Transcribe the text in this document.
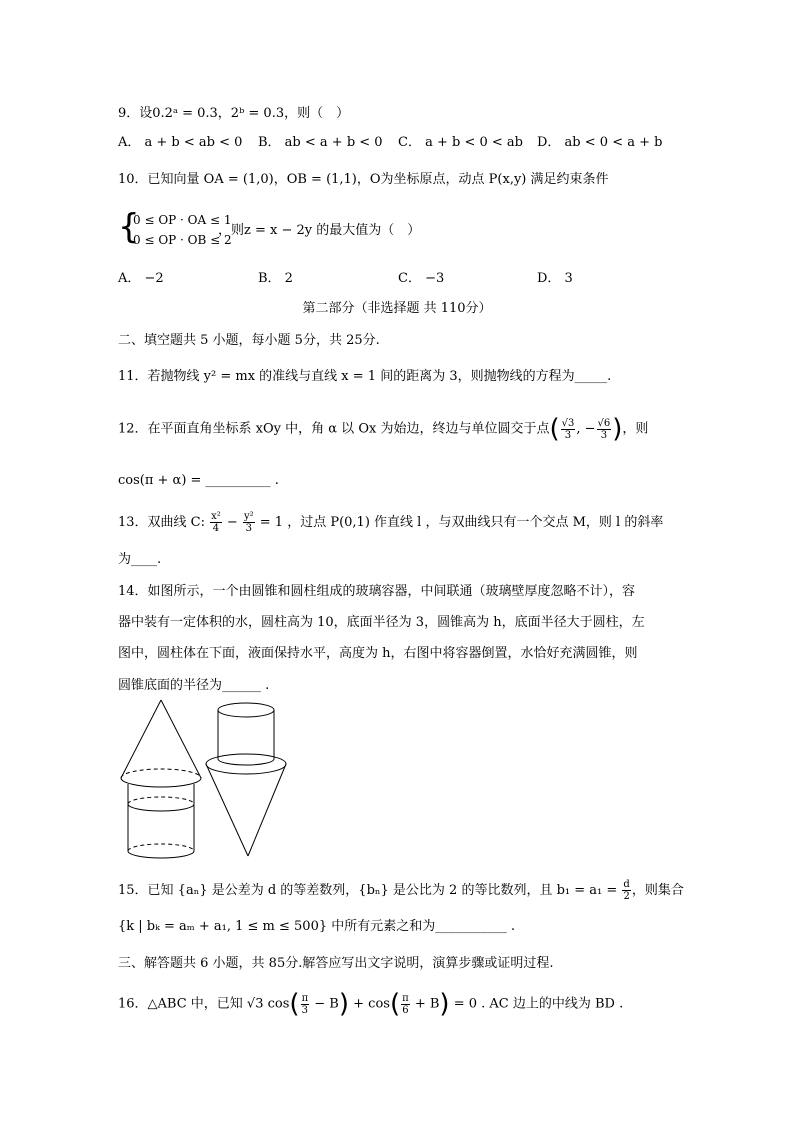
9．设0.2ᵃ = 0.3，2ᵇ = 0.3，则（　）
A． a + b < ab < 0 B． ab < a + b < 0 C． a + b < 0 < ab D． ab < 0 < a + b
10．已知向量 OA = (1,0)，OB = (1,1)，O为坐标原点，动点 P(x,y) 满足约束条件
{
0 ≤ OP · OA ≤ 1
0 ≤ OP · OB ≤ 2
，则z = x − 2y 的最大值为（　）
A． −2	B． 2	C． −3	D． 3
第二部分（非选择题 共 110分）
二、填空题共 5 小题，每小题 5分，共 25分.
11．若抛物线 y² = mx 的准线与直线 x = 1 间的距离为 3，则抛物线的方程为_____.
12．在平面直角坐标系 xOy 中，角 α 以 Ox 为始边，终边与单位圆交于点( $\frac{√3}{3}$ , − $\frac{√6}{3}$ )，则
cos(π + α) = __________ .
13．双曲线 C: $\frac{\text{x²}}{4} - \frac{\text{y²}}{3} = 1$ ，过点 P(0,1) 作直线 l ，与双曲线只有一个交点 M，则 l 的斜率
为____.
14．如图所示，一个由圆锥和圆柱组成的玻璃容器，中间联通（玻璃壁厚度忽略不计），容
器中装有一定体积的水，圆柱高为 10，底面半径为 3，圆锥高为 h，底面半径大于圆柱，左
图中，圆柱体在下面，液面保持水平，高度为 h，右图中将容器倒置，水恰好充满圆锥，则
圆锥底面的半径为______ .
15．已知 {aₙ} 是公差为 d 的等差数列，{bₙ} 是公比为 2 的等比数列，且 $b_1 = a_1 = \frac{d}{2}$ ，则集合
{k | bₖ = aₘ + a₁, 1 ≤ m ≤ 500} 中所有元素之和为___________ .
三、解答题共 6 小题，共 85分.解答应写出文字说明，演算步骤或证明过程.
16．△ABC 中，已知 √3 $\cos( \frac{\pi}{3} - B) + \cos( \frac{\pi}{6} + B) = 0$ . AC 边上的中线为 BD .
